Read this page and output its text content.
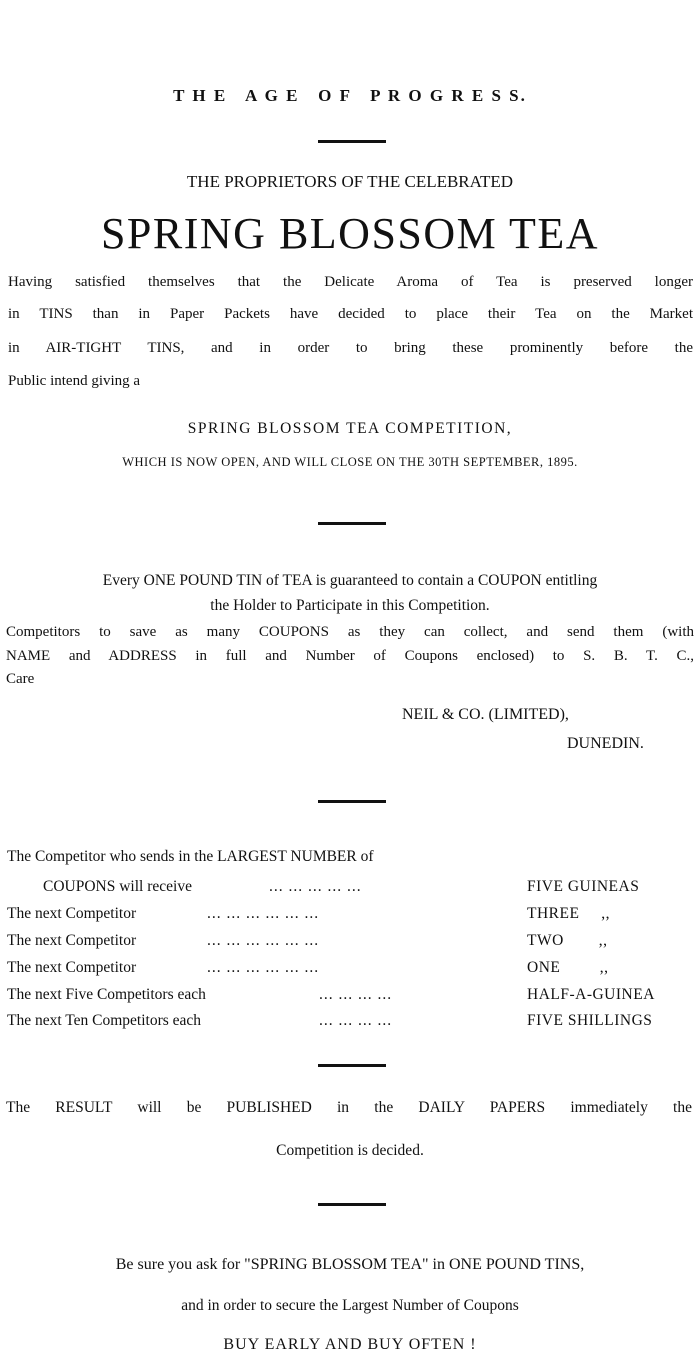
T H E   A G E   O F   P R O G R E S S.
THE PROPRIETORS OF THE CELEBRATED
SPRING BLOSSOM TEA
Having satisfied themselves that the Delicate Aroma of Tea is preserved longer
in TINS than in Paper Packets have decided to place their Tea on the Market
in AIR-TIGHT TINS, and in order to bring these prominently before the
Public intend giving a
SPRING BLOSSOM TEA COMPETITION,
WHICH IS NOW OPEN, AND WILL CLOSE ON THE 30TH SEPTEMBER, 1895.
Every ONE POUND TIN of TEA is guaranteed to contain a COUPON entitling
the Holder to Participate in this Competition.
Competitors to save as many COUPONS as they can collect, and send them (with
NAME and ADDRESS in full and Number of Coupons enclosed) to S. B. T. C.,
Care
NEIL & CO. (LIMITED),
DUNEDIN.
The Competitor who sends in the LARGEST NUMBER of
COUPONS will receive	... ... ... ... ...	FIVE GUINEAS
The next Competitor	... ... ... ... ... ...	THREE     ,,
The next Competitor	... ... ... ... ... ...	TWO        ,,
The next Competitor	... ... ... ... ... ...	ONE         ,,
The next Five Competitors each	... ... ... ...	HALF-A-GUINEA
The next Ten Competitors each	... ... ... ...	FIVE SHILLINGS
The RESULT will be PUBLISHED in the DAILY PAPERS immediately the
Competition is decided.
Be sure you ask for "SPRING BLOSSOM TEA" in ONE POUND TINS,
and in order to secure the Largest Number of Coupons
BUY EARLY AND BUY OFTEN !
